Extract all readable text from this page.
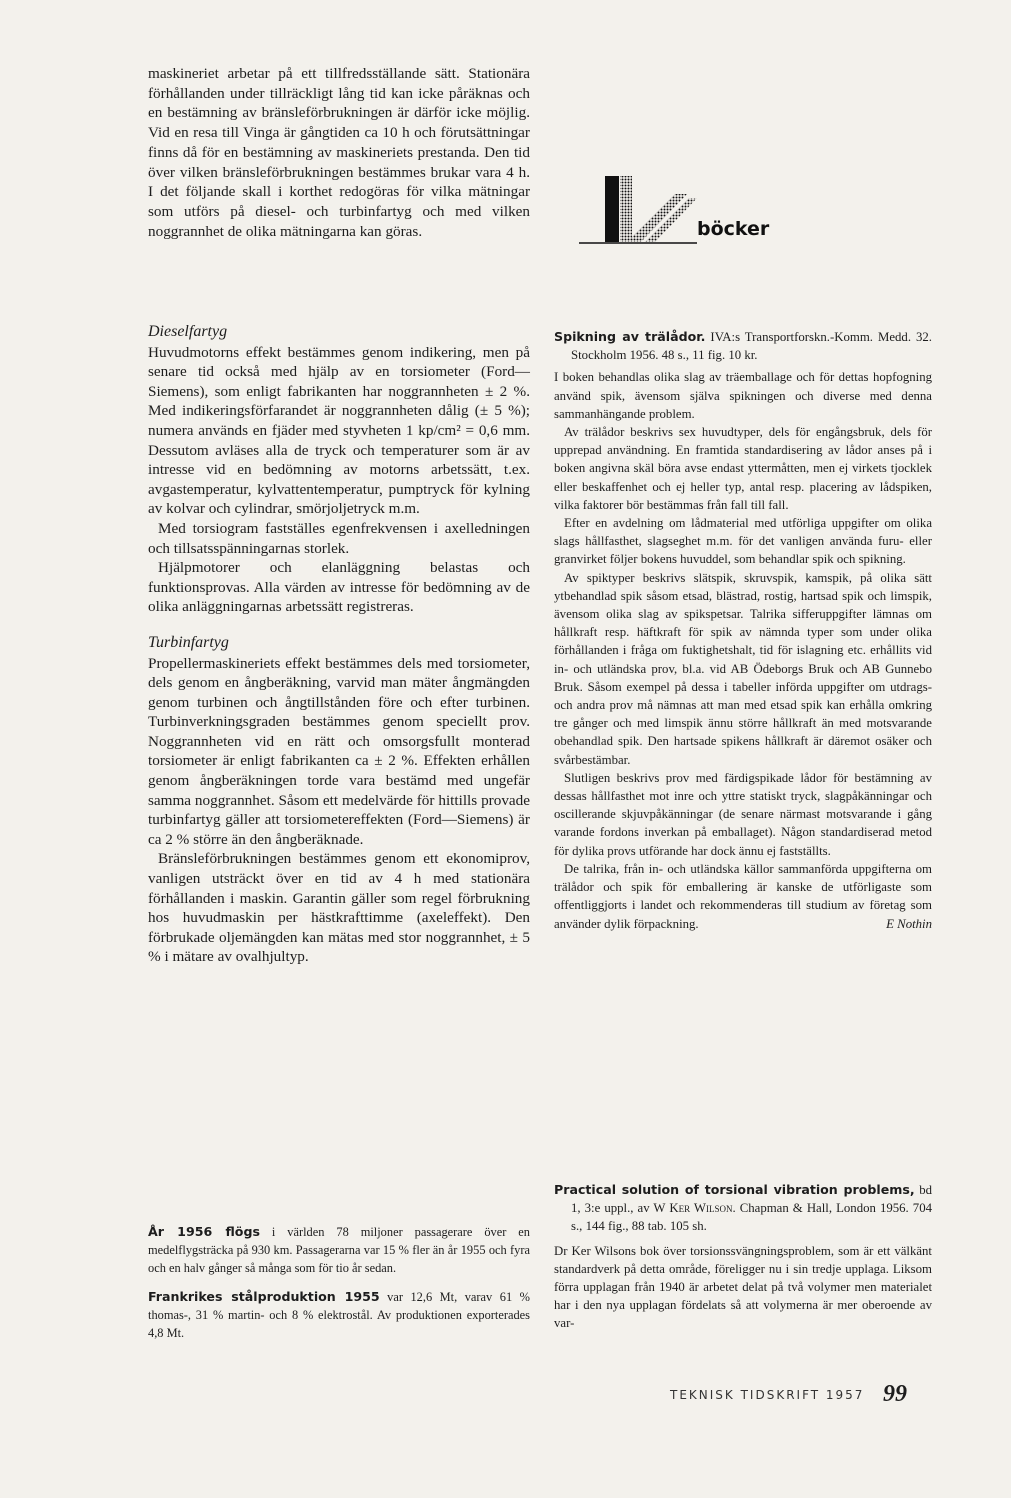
maskineriet arbetar på ett tillfredsställande sätt. Stationära förhållanden under tillräckligt lång tid kan icke påräknas och en bestämning av bränsleförbrukningen är därför icke möjlig. Vid en resa till Vinga är gångtiden ca 10 h och förutsättningar finns då för en bestämning av maskineriets prestanda. Den tid över vilken bränsleförbrukningen bestämmes brukar vara 4 h. I det följande skall i korthet redogöras för vilka mätningar som utförs på diesel- och turbinfartyg och med vilken noggrannhet de olika mätningarna kan göras.

Dieselfartyg

Huvudmotorns effekt bestämmes genom indikering, men på senare tid också med hjälp av en torsiometer (Ford—Siemens), som enligt fabrikanten har noggrannheten ± 2 %. Med indikeringsförfarandet är noggrannheten dålig (± 5 %); numera används en fjäder med styvheten 1 kp/cm² = 0,6 mm. Dessutom avläses alla de tryck och temperaturer som är av intresse vid en bedömning av motorns arbetssätt, t.ex. avgastemperatur, kylvattentemperatur, pumptryck för kylning av kolvar och cylindrar, smörjoljetryck m.m.

Med torsiogram fastställes egenfrekvensen i axelledningen och tillsatsspänningarnas storlek.

Hjälpmotorer och elanläggning belastas och funktionsprovas. Alla värden av intresse för bedömning av de olika anläggningarnas arbetssätt registreras.

Turbinfartyg

Propellermaskineriets effekt bestämmes dels med torsiometer, dels genom en ångberäkning, varvid man mäter ångmängden genom turbinen och ångtillstånden före och efter turbinen. Turbinverkningsgraden bestämmes genom speciellt prov. Noggrannheten vid en rätt och omsorgsfullt monterad torsiometer är enligt fabrikanten ca ± 2 %. Effekten erhållen genom ångberäkningen torde vara bestämd med ungefär samma noggrannhet. Såsom ett medelvärde för hittills provade turbinfartyg gäller att torsiometereffekten (Ford—Siemens) är ca 2 % större än den ångberäknade.

Bränsleförbrukningen bestämmes genom ett ekonomiprov, vanligen utsträckt över en tid av 4 h med stationära förhållanden i maskin. Garantin gäller som regel förbrukning hos huvudmaskin per hästkrafttimme (axeleffekt). Den förbrukade oljemängden kan mätas med stor noggrannhet, ± 5 % i mätare av ovalhjultyp.

År 1956 flögs i världen 78 miljoner passagerare över en medelflygsträcka på 930 km. Passagerarna var 15 % fler än år 1955 och fyra och en halv gånger så många som för tio år sedan.

Frankrikes stålproduktion 1955 var 12,6 Mt, varav 61 % thomas-, 31 % martin- och 8 % elektrostål. Av produktionen exporterades 4,8 Mt.

böcker

Spikning av trälådor. IVA:s Transportforskn.-Komm. Medd. 32. Stockholm 1956. 48 s., 11 fig. 10 kr.

I boken behandlas olika slag av träemballage och för dettas hopfogning använd spik, ävensom själva spikningen och diverse med denna sammanhängande problem.

Av trälådor beskrivs sex huvudtyper, dels för engångsbruk, dels för upprepad användning. En framtida standardisering av lådor anses på i boken angivna skäl böra avse endast yttermåtten, men ej virkets tjocklek eller beskaffenhet och ej heller typ, antal resp. placering av lådspiken, vilka faktorer bör bestämmas från fall till fall.

Efter en avdelning om lådmaterial med utförliga uppgifter om olika slags hållfasthet, slagseghet m.m. för det vanligen använda furu- eller granvirket följer bokens huvuddel, som behandlar spik och spikning.

Av spiktyper beskrivs slätspik, skruvspik, kamspik, på olika sätt ytbehandlad spik såsom etsad, blästrad, rostig, hartsad spik och limspik, ävensom olika slag av spikspetsar. Talrika sifferuppgifter lämnas om hållkraft resp. häftkraft för spik av nämnda typer som under olika förhållanden i fråga om fuktighetshalt, tid för islagning etc. erhållits vid in- och utländska prov, bl.a. vid AB Ödeborgs Bruk och AB Gunnebo Bruk. Såsom exempel på dessa i tabeller införda uppgifter om utdrags- och andra prov må nämnas att man med etsad spik kan erhålla omkring tre gånger och med limspik ännu större hållkraft än med motsvarande obehandlad spik. Den hartsade spikens hållkraft är däremot osäker och svårbestämbar.

Slutligen beskrivs prov med färdigspikade lådor för bestämning av dessas hållfasthet mot inre och yttre statiskt tryck, slagpåkänningar och oscillerande skjuvpåkänningar (de senare närmast motsvarande i gång varande fordons inverkan på emballaget). Någon standardiserad metod för dylika provs utförande har dock ännu ej fastställts.

De talrika, från in- och utländska källor sammanförda uppgifterna om trälådor och spik för emballering är kanske de utförligaste som offentliggjorts i landet och rekommenderas till studium av företag som använder dylik förpackning.	E Nothin

Practical solution of torsional vibration problems, bd 1, 3:e uppl., av W Ker Wilson. Chapman & Hall, London 1956. 704 s., 144 fig., 88 tab. 105 sh.

Dr Ker Wilsons bok över torsionssvängningsproblem, som är ett välkänt standardverk på detta område, föreligger nu i sin tredje upplaga. Liksom förra upplagan från 1940 är arbetet delat på två volymer men materialet har i den nya upplagan fördelats så att volymerna är mer oberoende av var-

TEKNISK TIDSKRIFT 1957 99
